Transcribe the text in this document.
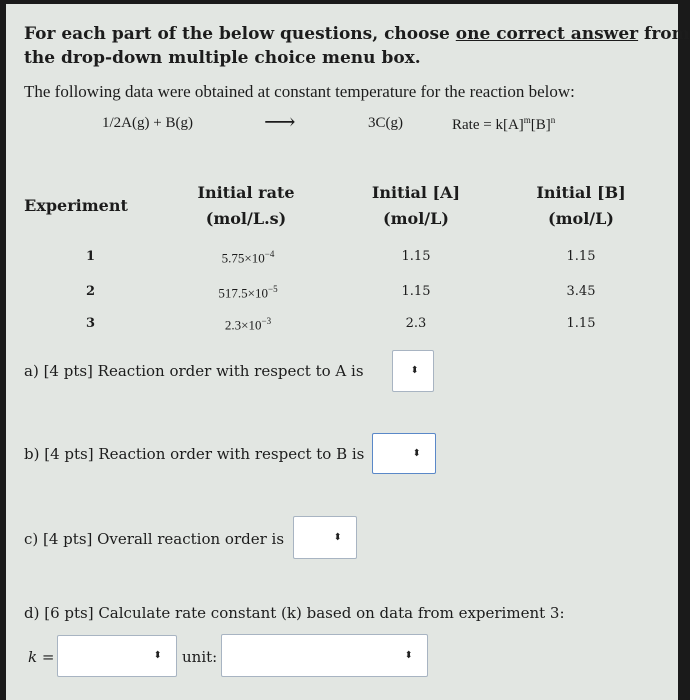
For each part of the below questions, choose one correct answer from
the drop-down multiple choice menu box.
The following data were obtained at constant temperature for the reaction below:
1/2A(g) + B(g)	⟶	3C(g)	Rate = $k[A]^m[B]^n$
Experiment
Initial rate
(mol/L.s)
Initial [A]
(mol/L)
Initial [B]
(mol/L)
1	$5.75\times 10^{-4}$	1.15	1.15
2	$517.5\times 10^{-5}$	1.15	3.45
3	$2.3\times 10^{-3}$	2.3	1.15
a) [4 pts] Reaction order with respect to A is	⬍
b) [4 pts] Reaction order with respect to B is	⬍
c) [4 pts] Overall reaction order is	⬍
d) [6 pts] Calculate rate constant (k) based on data from experiment 3:
k =	⬍ unit:	⬍
